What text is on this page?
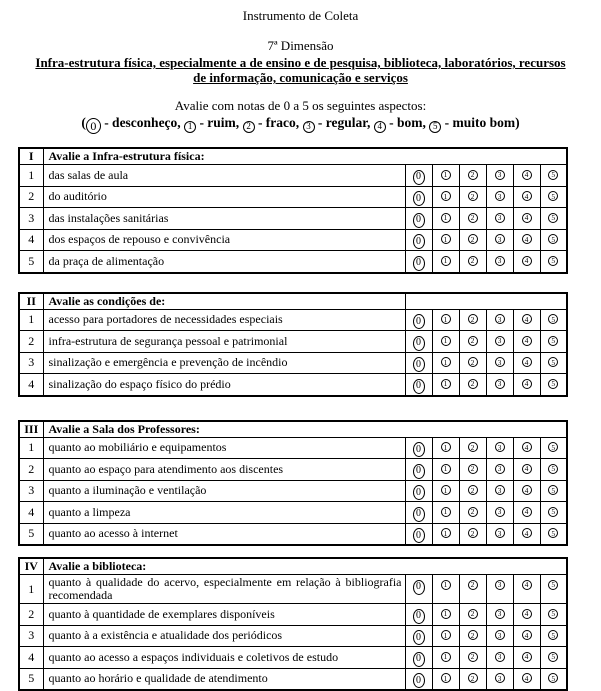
Instrumento de Coleta
7ª Dimensão
Infra-estrutura física, especialmente a de ensino e de pesquisa, biblioteca, laboratórios, recursos de informação, comunicação e serviços
Avalie com notas de 0 a 5 os seguintes aspectos:
( 0 - desconheço, 1 - ruim, 2 - fraco, 3 - regular, 4 - bom, 5 - muito bom)
I	Avalie a Infra-estrutura física:						
1	das salas de aula	0	1	2	3	4	5
2	do auditório	0	1	2	3	4	5
3	das instalações sanitárias	0	1	2	3	4	5
4	dos espaços de repouso e convivência	0	1	2	3	4	5
5	da praça de alimentação	0	1	2	3	4	5
II	Avalie as condições de:						
1	acesso para portadores de necessidades especiais	0	1	2	3	4	5
2	infra-estrutura de segurança pessoal e patrimonial	0	1	2	3	4	5
3	sinalização e emergência e prevenção de incêndio	0	1	2	3	4	5
4	sinalização do espaço físico do prédio	0	1	2	3	4	5
III	Avalie a Sala dos Professores:						
1	quanto ao mobiliário e equipamentos	0	1	2	3	4	5
2	quanto ao espaço para atendimento aos discentes	0	1	2	3	4	5
3	quanto a iluminação e ventilação	0	1	2	3	4	5
4	quanto a limpeza	0	1	2	3	4	5
5	quanto ao acesso à internet	0	1	2	3	4	5
IV	Avalie a biblioteca:						
1	quanto à qualidade do acervo, especialmente em relação à bibliografia recomendada	0	1	2	3	4	5
2	quanto à quantidade de exemplares disponíveis	0	1	2	3	4	5
3	quanto à a existência e atualidade dos periódicos	0	1	2	3	4	5
4	quanto ao acesso a espaços individuais e coletivos de estudo	0	1	2	3	4	5
5	quanto ao horário e qualidade de atendimento	0	1	2	3	4	5
